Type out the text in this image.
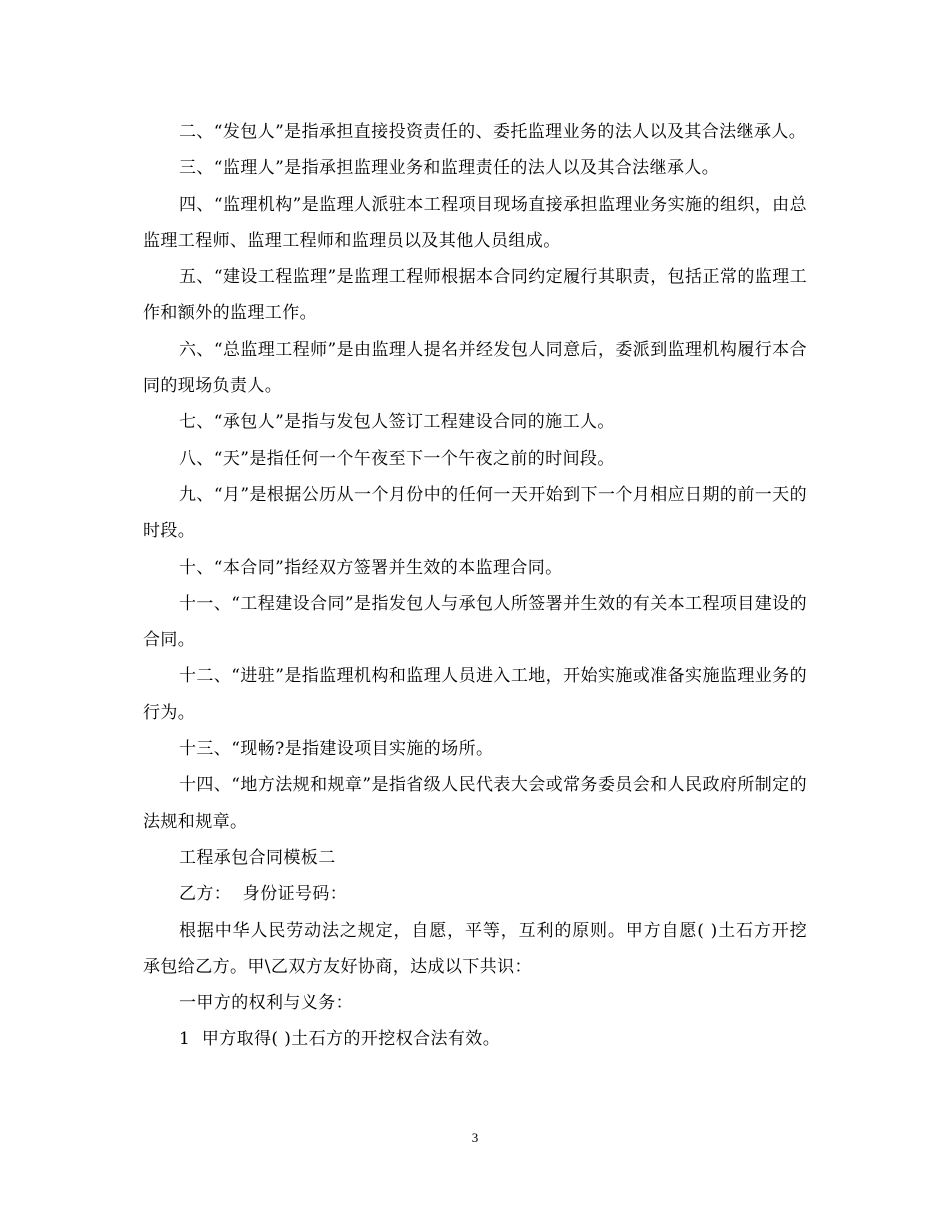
二、“发包人”是指承担直接投资责任的、委托监理业务的法人以及其合法继承人。

三、“监理人”是指承担监理业务和监理责任的法人以及其合法继承人。

四、“监理机构”是监理人派驻本工程项目现场直接承担监理业务实施的组织，由总监理工程师、监理工程师和监理员以及其他人员组成。

五、“建设工程监理”是监理工程师根据本合同约定履行其职责，包括正常的监理工作和额外的监理工作。

六、“总监理工程师”是由监理人提名并经发包人同意后，委派到监理机构履行本合同的现场负责人。

七、“承包人”是指与发包人签订工程建设合同的施工人。

八、“天”是指任何一个午夜至下一个午夜之前的时间段。

九、“月”是根据公历从一个月份中的任何一天开始到下一个月相应日期的前一天的时段。

十、“本合同”指经双方签署并生效的本监理合同。

十一、“工程建设合同”是指发包人与承包人所签署并生效的有关本工程项目建设的合同。

十二、“进驻”是指监理机构和监理人员进入工地，开始实施或准备实施监理业务的行为。

十三、“现畅?是指建设项目实施的场所。

十四、“地方法规和规章”是指省级人民代表大会或常务委员会和人民政府所制定的法规和规章。

工程承包合同模板二

乙方：  身份证号码：

根据中华人民劳动法之规定，自愿，平等，互利的原则。甲方自愿( )土石方开挖承包给乙方。甲\乙双方友好协商，达成以下共识：

一甲方的权利与义务：

1  甲方取得( )土石方的开挖权合法有效。

3
